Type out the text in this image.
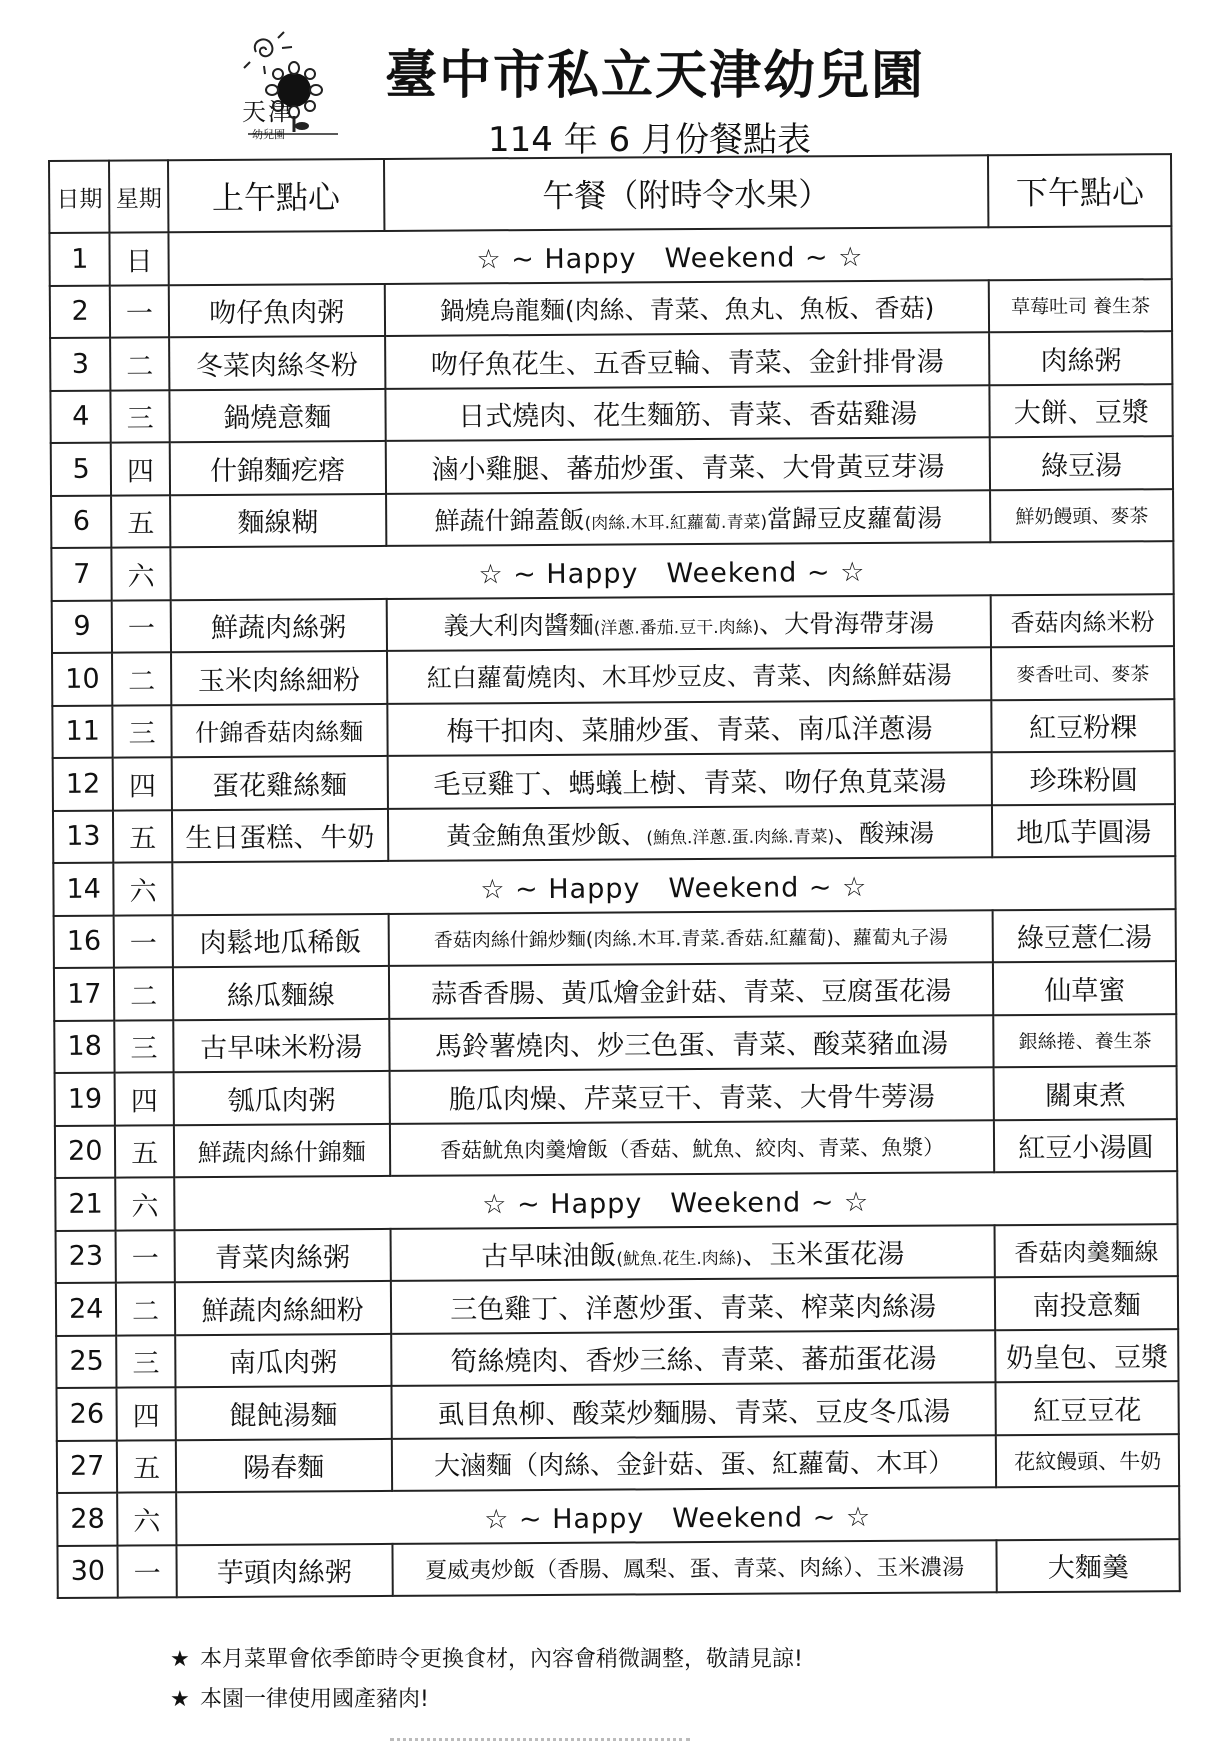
天津
幼兒園
臺中市私立天津幼兒園
114 年 6 月份餐點表
日期	星期	上午點心	午餐（附時令水果）	下午點心
1	日	☆ ~ Happy　Weekend ~ ☆		
2	一	吻仔魚肉粥	鍋燒烏龍麵(肉絲、青菜、魚丸、魚板、香菇)	草莓吐司 養生茶
3	二	冬菜肉絲冬粉	吻仔魚花生、五香豆輪、青菜、金針排骨湯	肉絲粥
4	三	鍋燒意麵	日式燒肉、花生麵筋、青菜、香菇雞湯	大餅、豆漿
5	四	什錦麵疙瘩	滷小雞腿、蕃茄炒蛋、青菜、大骨黃豆芽湯	綠豆湯
6	五	麵線糊	鮮蔬什錦蓋飯(肉絲.木耳.紅蘿蔔.青菜)當歸豆皮蘿蔔湯	鮮奶饅頭、麥茶
7	六	☆ ~ Happy　Weekend ~ ☆		
9	一	鮮蔬肉絲粥	義大利肉醬麵(洋蔥.番茄.豆干.肉絲)、大骨海帶芽湯	香菇肉絲米粉
10	二	玉米肉絲細粉	紅白蘿蔔燒肉、木耳炒豆皮、青菜、肉絲鮮菇湯	麥香吐司、麥茶
11	三	什錦香菇肉絲麵	梅干扣肉、菜脯炒蛋、青菜、南瓜洋蔥湯	紅豆粉粿
12	四	蛋花雞絲麵	毛豆雞丁、螞蟻上樹、青菜、吻仔魚莧菜湯	珍珠粉圓
13	五	生日蛋糕、牛奶	黃金鮪魚蛋炒飯、(鮪魚.洋蔥.蛋.肉絲.青菜)、酸辣湯	地瓜芋圓湯
14	六	☆ ~ Happy　Weekend ~ ☆		
16	一	肉鬆地瓜稀飯	香菇肉絲什錦炒麵(肉絲.木耳.青菜.香菇.紅蘿蔔)、蘿蔔丸子湯	綠豆薏仁湯
17	二	絲瓜麵線	蒜香香腸、黃瓜燴金針菇、青菜、豆腐蛋花湯	仙草蜜
18	三	古早味米粉湯	馬鈴薯燒肉、炒三色蛋、青菜、酸菜豬血湯	銀絲捲、養生茶
19	四	瓠瓜肉粥	脆瓜肉燥、芹菜豆干、青菜、大骨牛蒡湯	關東煮
20	五	鮮蔬肉絲什錦麵	香菇魷魚肉羹燴飯（香菇、魷魚、絞肉、青菜、魚漿）	紅豆小湯圓
21	六	☆ ~ Happy　Weekend ~ ☆		
23	一	青菜肉絲粥	古早味油飯(魷魚.花生.肉絲)、玉米蛋花湯	香菇肉羹麵線
24	二	鮮蔬肉絲細粉	三色雞丁、洋蔥炒蛋、青菜、榨菜肉絲湯	南投意麵
25	三	南瓜肉粥	筍絲燒肉、香炒三絲、青菜、蕃茄蛋花湯	奶皇包、豆漿
26	四	餛飩湯麵	虱目魚柳、酸菜炒麵腸、青菜、豆皮冬瓜湯	紅豆豆花
27	五	陽春麵	大滷麵（肉絲、金針菇、蛋、紅蘿蔔、木耳）	花紋饅頭、牛奶
28	六	☆ ~ Happy　Weekend ~ ☆		
30	一	芋頭肉絲粥	夏威夷炒飯（香腸、鳳梨、蛋、青菜、肉絲）、玉米濃湯	大麵羹
★ 本月菜單會依季節時令更換食材，內容會稍微調整，敬請見諒!
★ 本園一律使用國產豬肉!
